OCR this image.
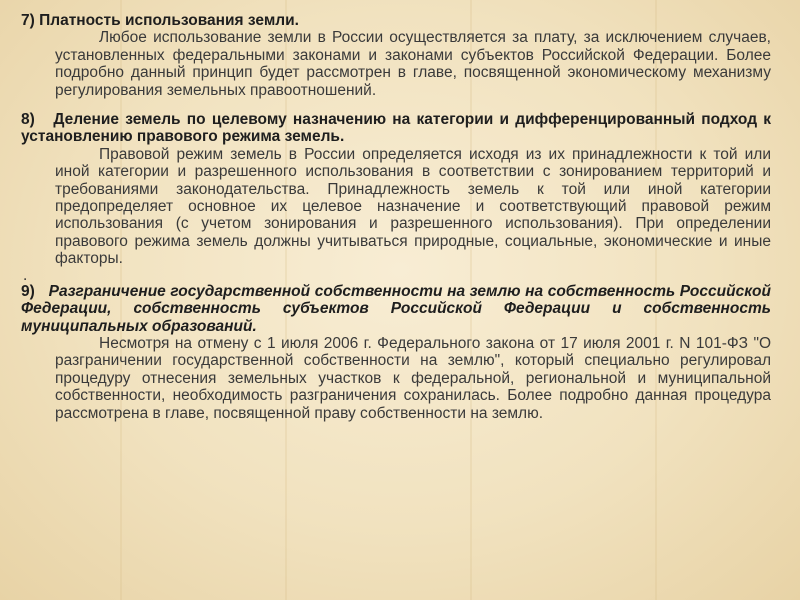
7) Платность использования земли.

Любое использование земли в России осуществляется за плату, за исключением случаев, установленных федеральными законами и законами субъектов Российской Федерации. Более подробно данный принцип будет рассмотрен в главе, посвященной экономическому механизму регулирования земельных правоотношений.

8) Деление земель по целевому назначению на категории и дифференцированный подход к установлению правового режима земель.

Правовой режим земель в России определяется исходя из их принадлежности к той или иной категории и разрешенного использования в соответствии с зонированием территорий и требованиями законодательства. Принадлежность земель к той или иной категории предопределяет основное их целевое назначение и соответствующий правовой режим использования (с учетом зонирования и разрешенного использования). При определении правового режима земель должны учитываться природные, социальные, экономические и иные факторы.

.

9) Разграничение государственной собственности на землю на собственность Российской Федерации, собственность субъектов Российской Федерации и собственность муниципальных образований.

Несмотря на отмену с 1 июля 2006 г. Федерального закона от 17 июля 2001 г. N 101-ФЗ "О разграничении государственной собственности на землю", который специально регулировал процедуру отнесения земельных участков к федеральной, региональной и муниципальной собственности, необходимость разграничения сохранилась. Более подробно данная процедура рассмотрена в главе, посвященной праву собственности на землю.
